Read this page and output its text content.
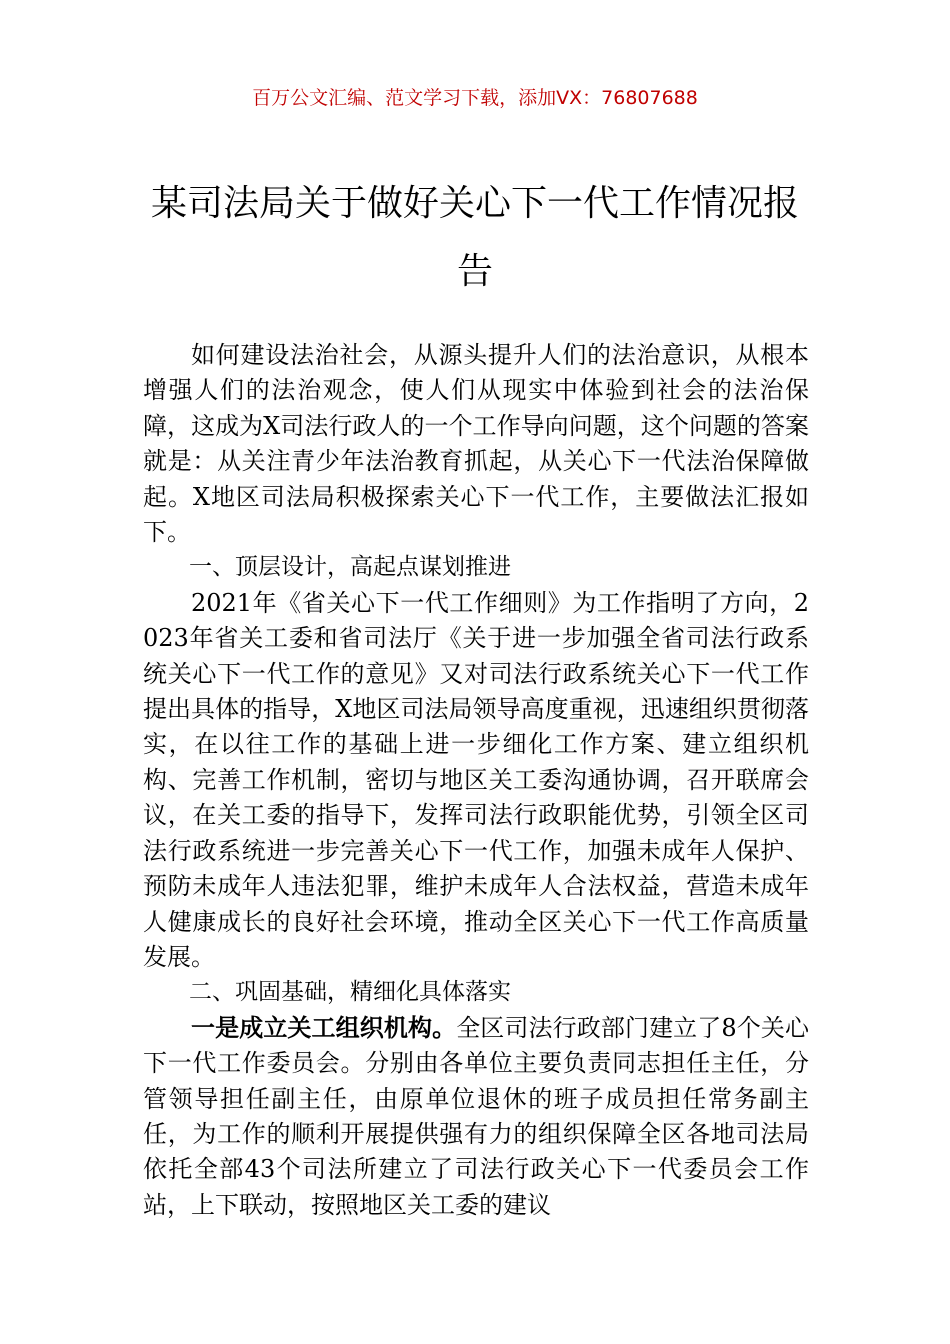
百万公文汇编、范文学习下载，添加VX：76807688
某司法局关于做好关心下一代工作情况报告

如何建设法治社会，从源头提升人们的法治意识，从根本增强人们的法治观念，使人们从现实中体验到社会的法治保障，这成为X司法行政人的一个工作导向问题，这个问题的答案就是：从关注青少年法治教育抓起，从关心下一代法治保障做起。X地区司法局积极探索关心下一代工作，主要做法汇报如下。

一、顶层设计，高起点谋划推进

2021年《省关心下一代工作细则》为工作指明了方向，2023年省关工委和省司法厅《关于进一步加强全省司法行政系统关心下一代工作的意见》又对司法行政系统关心下一代工作提出具体的指导，X地区司法局领导高度重视，迅速组织贯彻落实，在以往工作的基础上进一步细化工作方案、建立组织机构、完善工作机制，密切与地区关工委沟通协调，召开联席会议，在关工委的指导下，发挥司法行政职能优势，引领全区司法行政系统进一步完善关心下一代工作，加强未成年人保护、预防未成年人违法犯罪，维护未成年人合法权益，营造未成年人健康成长的良好社会环境，推动全区关心下一代工作高质量发展。

二、巩固基础，精细化具体落实

一是成立关工组织机构。全区司法行政部门建立了8个关心下一代工作委员会。分别由各单位主要负责同志担任主任，分管领导担任副主任，由原单位退休的班子成员担任常务副主任，为工作的顺利开展提供强有力的组织保障全区各地司法局依托全部43个司法所建立了司法行政关心下一代委员会工作站，上下联动，按照地区关工委的建议
